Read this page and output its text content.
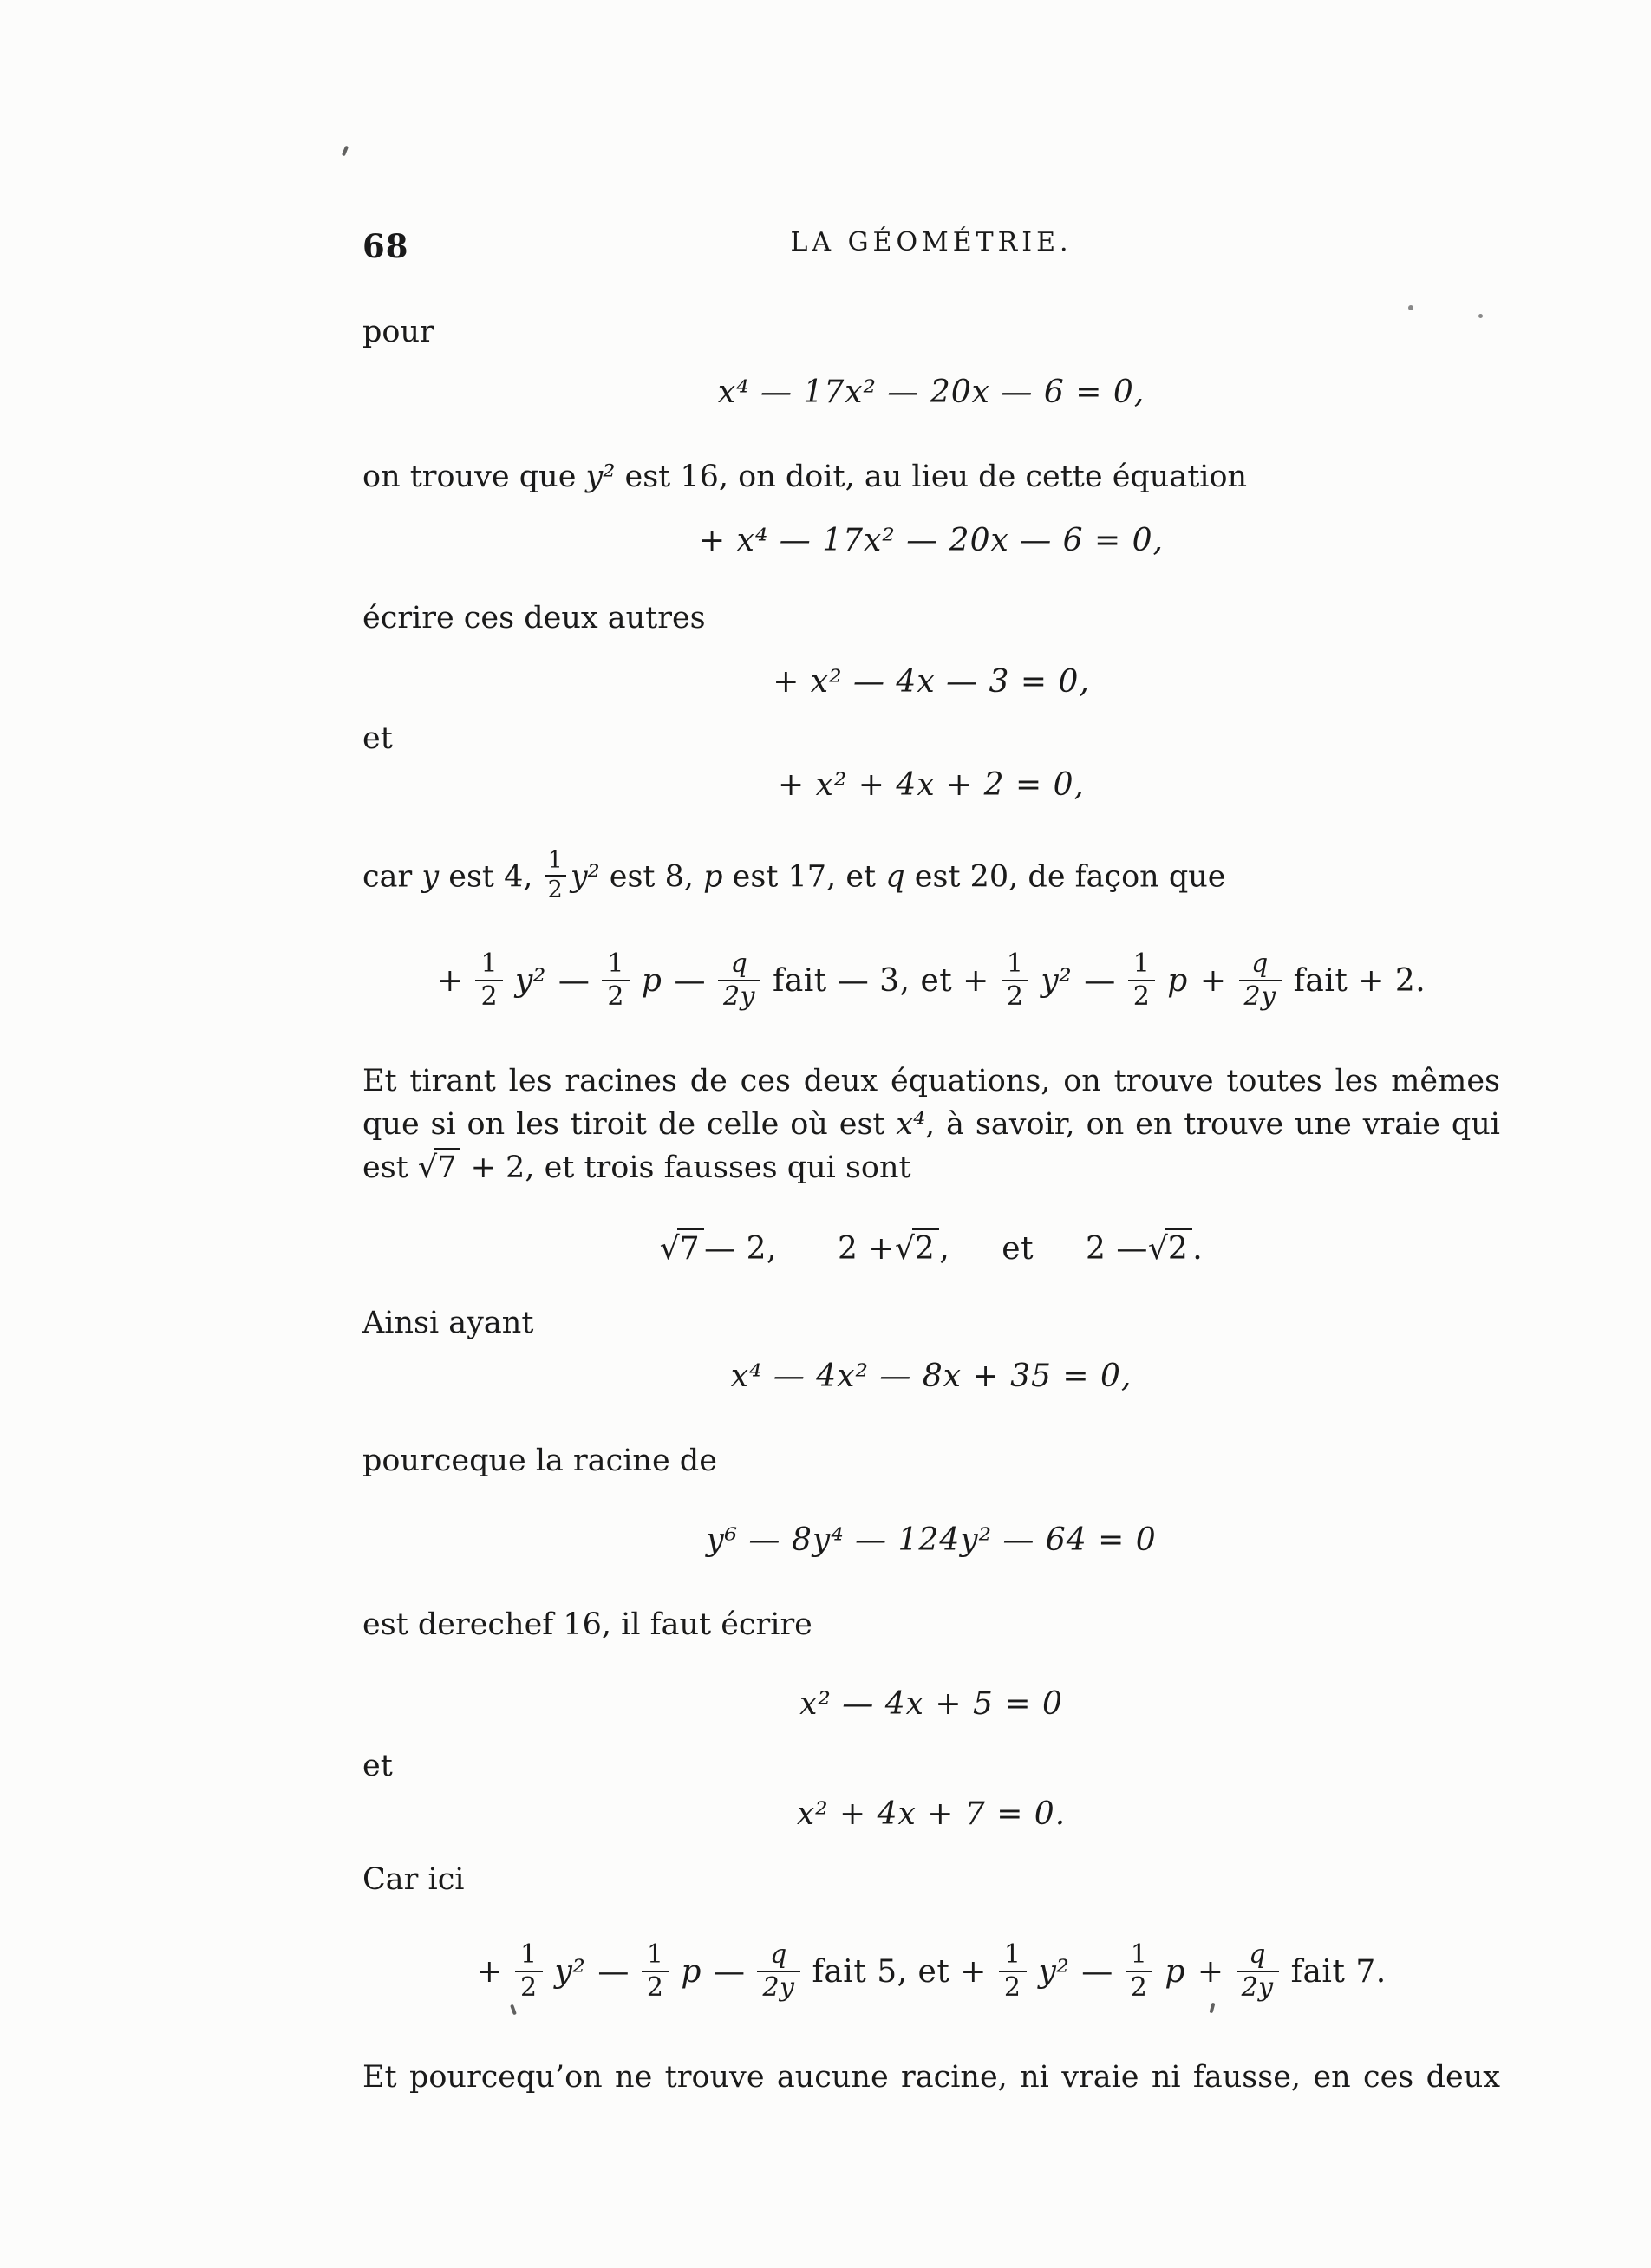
68	LA GÉOMÉTRIE.

pour

x⁴ — 17x² — 20x — 6 = 0,

on trouve que y² est 16, on doit, au lieu de cette équation

+ x⁴ — 17x² — 20x — 6 = 0,

écrire ces deux autres

+ x² — 4x — 3 = 0,

et

+ x² + 4x + 2 = 0,

car y est 4, $\frac{1}{2} y^2$ est 8, p est 17, et q est 20, de façon que

+ $\frac{1}{2} y^2$ — $\frac{1}{2}$ p — $\frac{q}{2y}$ fait — 3, et + $\frac{1}{2} y^2$ — $\frac{1}{2}$ $p + \frac{q}{2y}$ fait + 2.

Et tirant les racines de ces deux équations, on trouve toutes les mêmes que si on les tiroit de celle où est x⁴, à savoir, on en trouve une vraie qui est √7 + 2, et trois fausses qui sont

√7 — 2, 2 + √2 , et 2 — √2 .

Ainsi ayant

x⁴ — 4x² — 8x + 35 = 0,

pourceque la racine de

y⁶ — 8y⁴ — 124y² — 64 = 0

est derechef 16, il faut écrire

x² — 4x + 5 = 0

et

x² + 4x + 7 = 0.

Car ici

+ $\frac{1}{2} y^2$ — $\frac{1}{2}$ p — $\frac{q}{2y}$ fait 5, et + $\frac{1}{2} y^2$ — $\frac{1}{2}$ $p + \frac{q}{2y}$ fait 7.

Et pourcequ’on ne trouve aucune racine, ni vraie ni fausse, en ces deux
